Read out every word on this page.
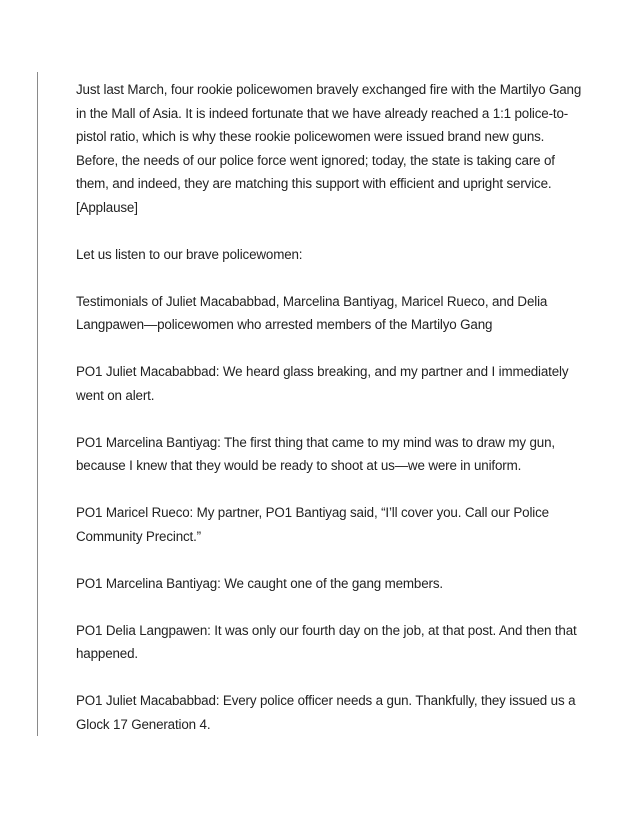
Just last March, four rookie policewomen bravely exchanged fire with the Martilyo Gang in the Mall of Asia. It is indeed fortunate that we have already reached a 1:1 police-to-pistol ratio, which is why these rookie policewomen were issued brand new guns. Before, the needs of our police force went ignored; today, the state is taking care of them, and indeed, they are matching this support with efficient and upright service. [Applause]

Let us listen to our brave policewomen:

Testimonials of Juliet Macababbad, Marcelina Bantiyag, Maricel Rueco, and Delia Langpawen—policewomen who arrested members of the Martilyo Gang

PO1 Juliet Macababbad: We heard glass breaking, and my partner and I immediately went on alert.

PO1 Marcelina Bantiyag: The first thing that came to my mind was to draw my gun, because I knew that they would be ready to shoot at us—we were in uniform.

PO1 Maricel Rueco: My partner, PO1 Bantiyag said, “I’ll cover you. Call our Police Community Precinct.”

PO1 Marcelina Bantiyag: We caught one of the gang members.

PO1 Delia Langpawen: It was only our fourth day on the job, at that post. And then that happened.

PO1 Juliet Macababbad: Every police officer needs a gun. Thankfully, they issued us a Glock 17 Generation 4.
